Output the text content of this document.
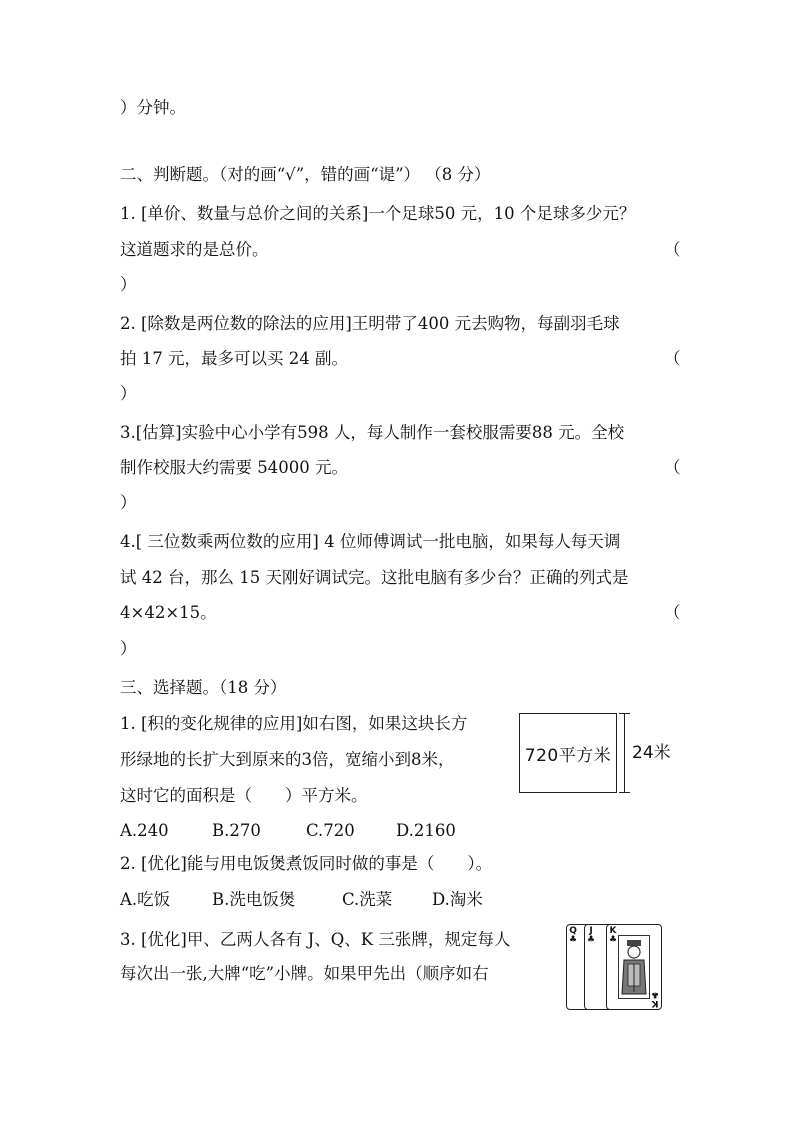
）分钟。
二、判断题。（对的画“√”，错的画“𬤊”） （8 分）
1. [单价、数量与总价之间的关系]一个足球50 元，10 个足球多少元？
这道题求的是总价。	（
）
2. [除数是两位数的除法的应用]王明带了400 元去购物，每副羽毛球
拍 17 元，最多可以买 24 副。	（
）
3.[估算]实验中心小学有598 人，每人制作一套校服需要88 元。全校
制作校服大约需要 54000 元。	（
）
4.[ 三位数乘两位数的应用] 4 位师傅调试一批电脑，如果每人每天调
试 42 台，那么 15 天刚好调试完。这批电脑有多少台？正确的列式是
4×42×15。	（
）
三、选择题。（18 分）
1. [积的变化规律的应用]如右图，如果这块长方
形绿地的长扩大到原来的3倍，宽缩小到8米，
这时它的面积是（　　）平方米。
720平方米 24米
A.240	B.270	C.720 D.2160
2. [优化]能与用电饭煲煮饭同时做的事是（　　）。
A.吃饭	B.洗电饭煲	C.洗菜 D.淘米
3. [优化]甲、乙两人各有 J、Q、K 三张牌，规定每人
每次出一张,大牌“吃”小牌。如果甲先出（顺序如右
Q
♣
J
♣
K
♣
K
♣
